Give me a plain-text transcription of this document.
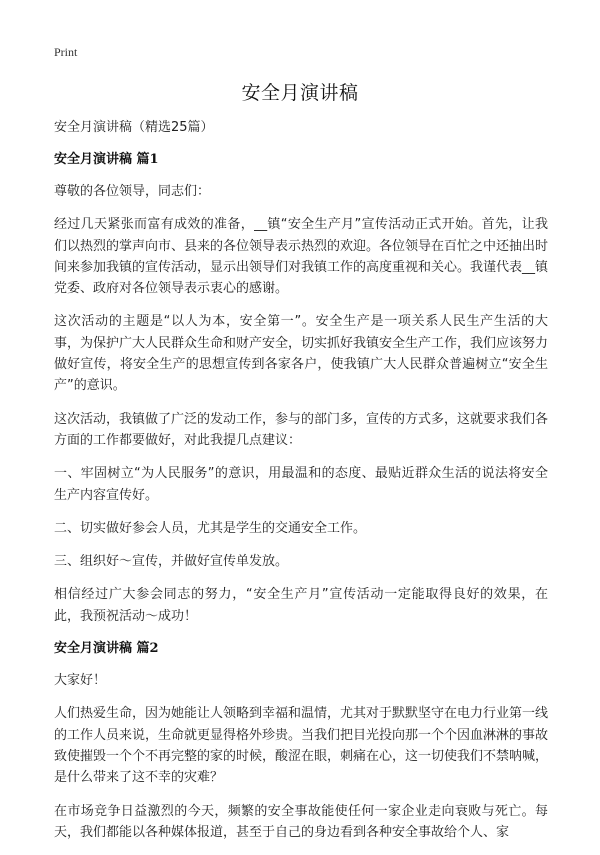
Print
安全月演讲稿
安全月演讲稿（精选25篇）
安全月演讲稿 篇1

尊敬的各位领导，同志们：

经过几天紧张而富有成效的准备，__镇“安全生产月”宣传活动正式开始。首先，让我们以热烈的掌声向市、县来的各位领导表示热烈的欢迎。各位领导在百忙之中还抽出时间来参加我镇的宣传活动，显示出领导们对我镇工作的高度重视和关心。我谨代表__镇党委、政府对各位领导表示衷心的感谢。

这次活动的主题是“以人为本，安全第一”。安全生产是一项关系人民生产生活的大事，为保护广大人民群众生命和财产安全，切实抓好我镇安全生产工作，我们应该努力做好宣传，将安全生产的思想宣传到各家各户，使我镇广大人民群众普遍树立“安全生产”的意识。

这次活动，我镇做了广泛的发动工作，参与的部门多，宣传的方式多，这就要求我们各方面的工作都要做好，对此我提几点建议：

一、牢固树立“为人民服务”的意识，用最温和的态度、最贴近群众生活的说法将安全生产内容宣传好。

二、切实做好参会人员，尤其是学生的交通安全工作。

三、组织好～宣传，并做好宣传单发放。

相信经过广大参会同志的努力，“安全生产月”宣传活动一定能取得良好的效果，在此，我预祝活动～成功！

安全月演讲稿 篇2

大家好！

人们热爱生命，因为她能让人领略到幸福和温情，尤其对于默默坚守在电力行业第一线的工作人员来说，生命就更显得格外珍贵。当我们把目光投向那一个个因血淋淋的事故致使摧毁一个个不再完整的家的时候，酸涩在眼，刺痛在心，这一切使我们不禁呐喊，是什么带来了这不幸的灾难？

在市场竞争日益激烈的今天，频繁的安全事故能使任何一家企业走向衰败与死亡。每天，我们都能以各种媒体报道，甚至于自己的身边看到各种安全事故给个人、家
